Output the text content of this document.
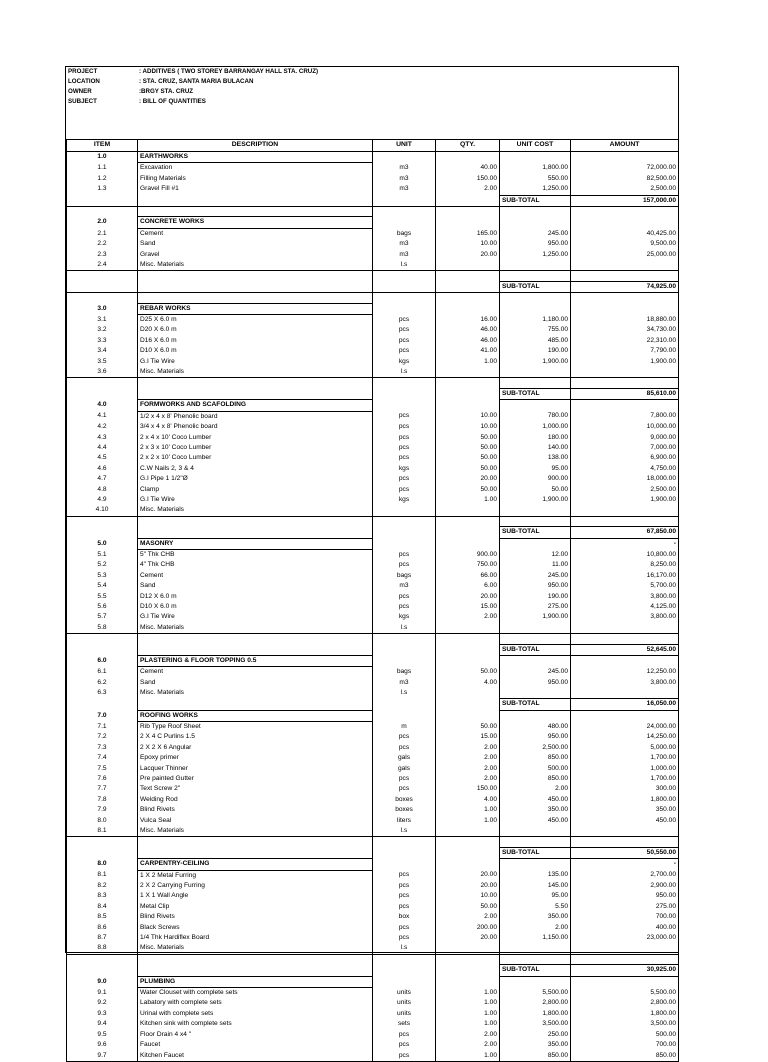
PROJECT	: ADDITIVES ( TWO STOREY BARRANGAY HALL STA. CRUZ)
LOCATION	: STA. CRUZ, SANTA MARIA BULACAN
OWNER	:BRGY STA. CRUZ
SUBJECT	: BILL OF QUANTITIES
ITEM	DESCRIPTION	UNIT	QTY.	UNIT COST	AMOUNT
1.0	EARTHWORKS				
1.1	Excavation	m3	40.00	1,800.00	72,000.00
1.2	Filling Materials	m3	150.00	550.00	82,500.00
1.3	Gravel Fill #1	m3	2.00	1,250.00	2,500.00
				SUB-TOTAL	157,000.00

2.0	CONCRETE WORKS				
2.1	Cement	bags	165.00	245.00	40,425.00
2.2	Sand	m3	10.00	950.00	9,500.00
2.3	Gravel	m3	20.00	1,250.00	25,000.00
2.4	Misc. Materials	l.s			

				SUB-TOTAL	74,925.00

3.0	REBAR WORKS				
3.1	D25 X 6.0 m	pcs	16.00	1,180.00	18,880.00
3.2	D20 X 6.0 m	pcs	46.00	755.00	34,730.00
3.3	D16 X 6.0 m	pcs	46.00	485.00	22,310.00
3.4	D10 X 6.0 m	pcs	41.00	190.00	7,790.00
3.5	G.I Tie Wire	kgs	1.00	1,900.00	1,900.00
3.6	Misc. Materials	l.s			

				SUB-TOTAL	85,610.00
4.0	FORMWORKS AND SCAFOLDING				
4.1	1/2 x 4 x 8' Phenolic board	pcs	10.00	780.00	7,800.00
4.2	3/4 x 4 x 8' Phenolic board	pcs	10.00	1,000.00	10,000.00
4.3	2 x 4 x 10' Coco Lumber	pcs	50.00	180.00	9,000.00
4.4	2 x 3 x 10' Coco Lumber	pcs	50.00	140.00	7,000.00
4.5	2 x 2 x 10' Coco Lumber	pcs	50.00	138.00	6,900.00
4.6	C.W Nails 2, 3 & 4	kgs	50.00	95.00	4,750.00
4.7	G.I Pipe 1 1/2"Ø	pcs	20.00	900.00	18,000.00
4.8	Clamp	pcs	50.00	50.00	2,500.00
4.9	G.I Tie Wire	kgs	1.00	1,900.00	1,900.00
4.10	Misc. Materials				

				SUB-TOTAL	67,850.00
5.0	MASONRY				-
5.1	5" Thk CHB	pcs	900.00	12.00	10,800.00
5.2	4" Thk CHB	pcs	750.00	11.00	8,250.00
5.3	Cement	bags	66.00	245.00	16,170.00
5.4	Sand	m3	6.00	950.00	5,700.00
5.5	D12 X 6.0 m	pcs	20.00	190.00	3,800.00
5.6	D10 X 6.0 m	pcs	15.00	275.00	4,125.00
5.7	G.I Tie Wire	kgs	2.00	1,900.00	3,800.00
5.8	Misc. Materials	l.s			

				SUB-TOTAL	52,645.00
6.0	PLASTERING & FLOOR TOPPING 0.5				
6.1	Cement	bags	50.00	245.00	12,250.00
6.2	Sand	m3	4.00	950.00	3,800.00
6.3	Misc. Materials	l.s			
				SUB-TOTAL	16,050.00
7.0	ROOFING WORKS				
7.1	Rib Type Roof Sheet	m	50.00	480.00	24,000.00
7.2	2 X 4 C Purlins 1.5	pcs	15.00	950.00	14,250.00
7.3	2 X 2 X 6 Angular	pcs	2.00	2,500.00	5,000.00
7.4	Epoxy primer	gals	2.00	850.00	1,700.00
7.5	Lacquer Thinner	gals	2.00	500.00	1,000.00
7.6	Pre painted Gutter	pcs	2.00	850.00	1,700.00
7.7	Text Screw 2"	pcs	150.00	2.00	300.00
7.8	Welding Rod	boxes	4.00	450.00	1,800.00
7.9	Blind Rivets	boxes	1.00	350.00	350.00
8.0	Vulca Seal	liters	1.00	450.00	450.00
8.1	Misc. Materials	l.s			

				SUB-TOTAL	50,550.00
8.0	CARPENTRY-CEILING				-
8.1	1 X 2 Metal Furring	pcs	20.00	135.00	2,700.00
8.2	2 X 2 Carrying Furring	pcs	20.00	145.00	2,900.00
8.3	1 X 1 Wall Angle	pcs	10.00	95.00	950.00
8.4	Metal Clip	pcs	50.00	5.50	275.00
8.5	Blind Rivets	box	2.00	350.00	700.00
8.6	Black Screws	pcs	200.00	2.00	400.00
8.7	1/4 Thk Hardiflex Board	pcs	20.00	1,150.00	23,000.00
8.8	Misc. Materials	l.s			

				SUB-TOTAL	30,925.00
9.0	PLUMBING				
9.1	Water Clouset with complete sets	units	1.00	5,500.00	5,500.00
9.2	Labatory with complete sets	units	1.00	2,800.00	2,800.00
9.3	Urinal with complete sets	units	1.00	1,800.00	1,800.00
9.4	Kitchen sink with complete sets	sets	1.00	3,500.00	3,500.00
9.5	Floor Drain 4 x4 "	pcs	2.00	250.00	500.00
9.6	Faucet	pcs	2.00	350.00	700.00
9.7	Kitchen Faucet	pcs	1.00	850.00	850.00
